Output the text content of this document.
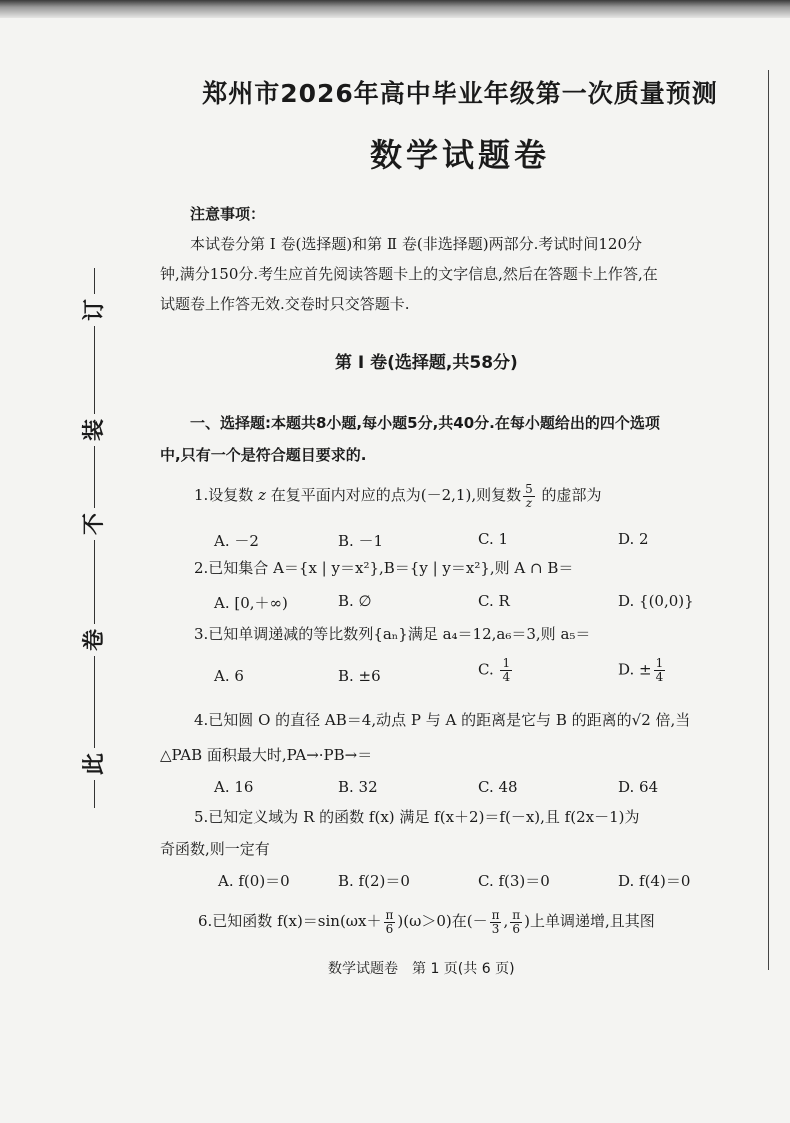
此
卷
不
装
订
郑州市2026年高中毕业年级第一次质量预测
数学试题卷
注意事项：
本试卷分第 Ⅰ 卷(选择题)和第 Ⅱ 卷(非选择题)两部分.考试时间120分
钟,满分150分.考生应首先阅读答题卡上的文字信息,然后在答题卡上作答,在
试题卷上作答无效.交卷时只交答题卡.
第 Ⅰ 卷(选择题,共58分)
一、选择题:本题共8小题,每小题5分,共40分.在每小题给出的四个选项
中,只有一个是符合题目要求的.
1.设复数 z 在复平面内对应的点为(－2,1),则复数 $\frac{5}{z}$ 的虚部为
A. －2	B. －1	C. 1	D. 2
2.已知集合 A＝{x | y＝x²},B＝{y | y＝x²},则 A ∩ B＝
A. [0,＋∞)	B. ∅	C. R	D. {(0,0)}
3.已知单调递减的等比数列{aₙ}满足 a₄＝12,a₆＝3,则 a₅＝
A. 6	B. ±6	C. $\frac{1}{4}$	D. ± $\frac{1}{4}$
4.已知圆 O 的直径 AB＝4,动点 P 与 A 的距离是它与 B 的距离的√2 倍,当
△PAB 面积最大时,PA→·PB→＝
A. 16	B. 32	C. 48	D. 64
5.已知定义域为 R 的函数 f(x) 满足 f(x＋2)＝f(－x),且 f(2x－1)为
奇函数,则一定有
A. f(0)＝0	B. f(2)＝0	C. f(3)＝0	D. f(4)＝0
6.已知函数 $f(x)=\sin(\omega x+ \frac{\pi}{6} )(\omega>0)$在(－ $\frac{\pi}{3}$ , $\frac{\pi}{6}$ )上单调递增,且其图
数学试题卷　第 1 页(共 6 页)
